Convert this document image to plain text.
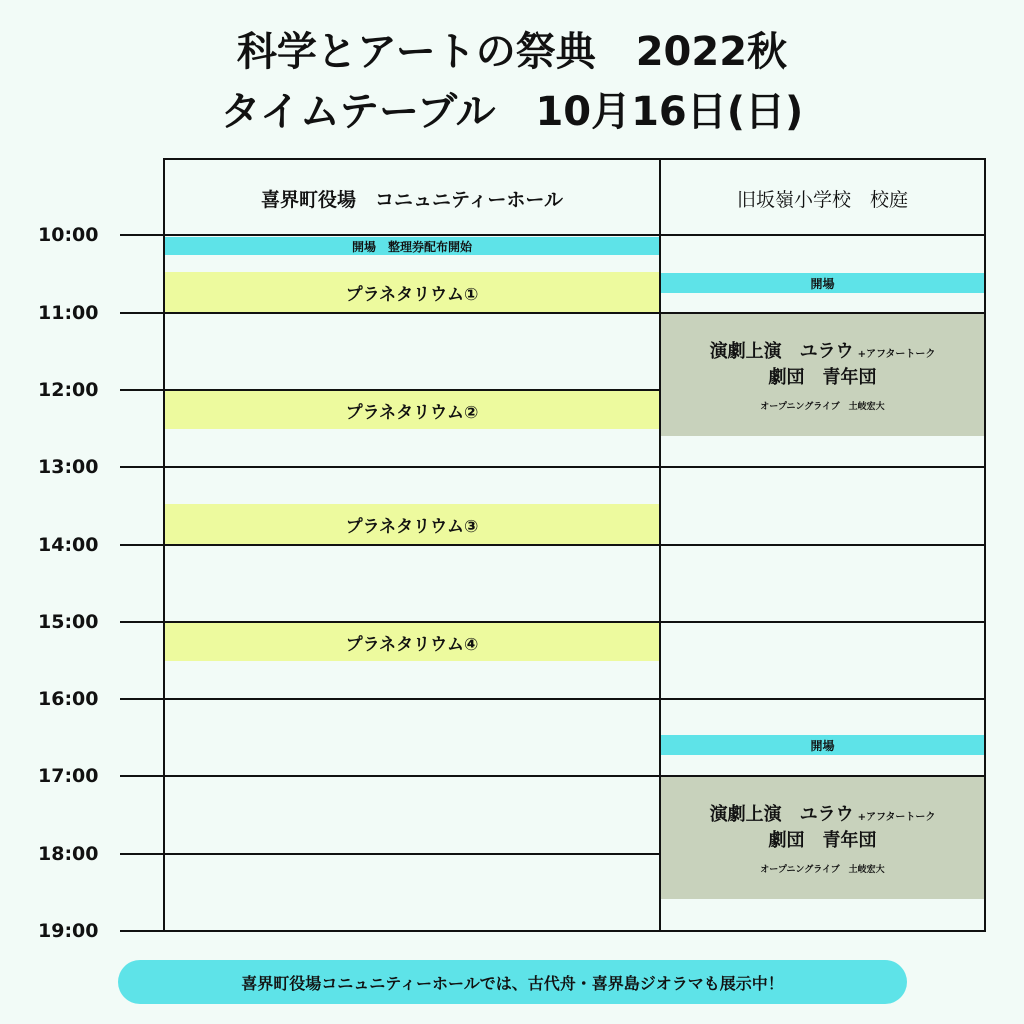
科学とアートの祭典　2022秋
タイムテーブル　10月16日(日)
喜界町役場　コニュニティーホール	旧坂嶺小学校　校庭
開場　整理券配布開始
プラネタリウム①
プラネタリウム②
プラネタリウム③
プラネタリウム④
開場
開場
演劇上演　ユラウ +アフタートーク
劇団　青年団
オープニングライブ　土岐宏大
演劇上演　ユラウ +アフタートーク
劇団　青年団
オープニングライブ　土岐宏大
10:00
11:00
12:00
13:00
14:00
15:00
16:00
17:00
18:00
19:00
喜界町役場コニュニティーホールでは、古代舟・喜界島ジオラマも展示中！
